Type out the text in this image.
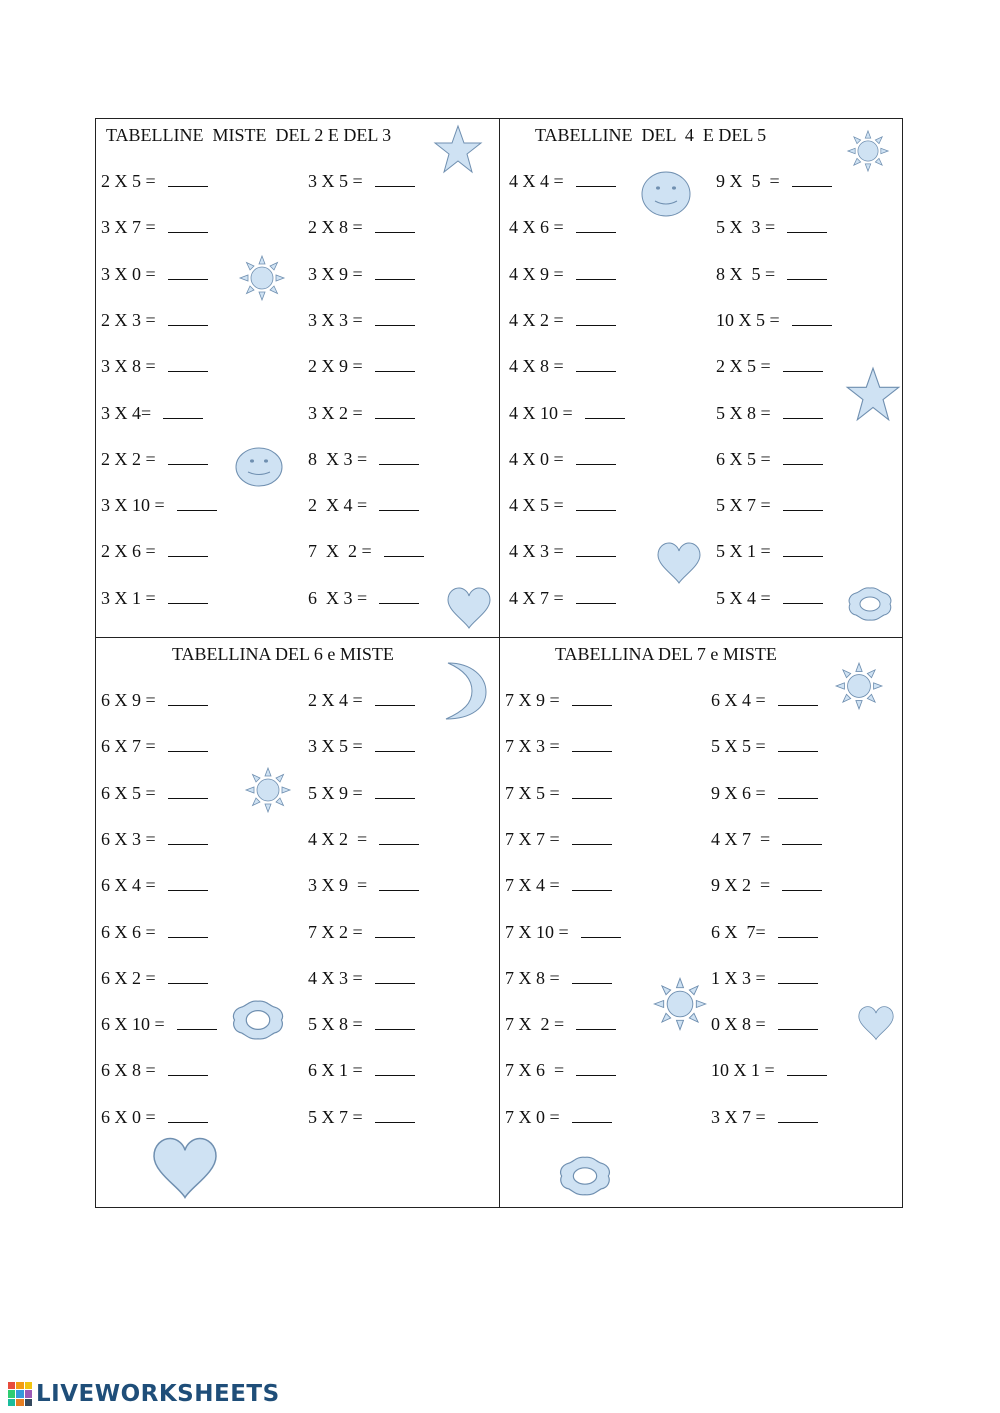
TABELLINE  MISTE  DEL 2 E DEL 3	TABELLINE  DEL  4  E DEL 5
TABELLINA DEL 6 e MISTE	TABELLINA DEL 7 e MISTE
2 X 5 =
3 X 7 =
3 X 0 =
2 X 3 =
3 X 8 =
3 X 4=
2 X 2 =
3 X 10 =
2 X 6 =
3 X 1 =
3 X 5 =
2 X 8 =
3 X 9 =
3 X 3 =
2 X 9 =
3 X 2 =
8  X 3 =
2  X 4 =
7  X  2 =
6  X 3 =
4 X 4 =
4 X 6 =
4 X 9 =
4 X 2 =
4 X 8 =
4 X 10 =
4 X 0 =
4 X 5 =
4 X 3 =
4 X 7 =
9 X  5  =
5 X  3 =
8 X  5 =
10 X 5 =
2 X 5 =
5 X 8 =
6 X 5 =
5 X 7 =
5 X 1 =
5 X 4 =
6 X 9 =
6 X 7 =
6 X 5 =
6 X 3 =
6 X 4 =
6 X 6 =
6 X 2 =
6 X 10 =
6 X 8 =
6 X 0 =
2 X 4 =
3 X 5 =
5 X 9 =
4 X 2  =
3 X 9  =
7 X 2 =
4 X 3 =
5 X 8 =
6 X 1 =
5 X 7 =
7 X 9 =
7 X 3 =
7 X 5 =
7 X 7 =
7 X 4 =
7 X 10 =
7 X 8 =
7 X  2 =
7 X 6  =
7 X 0 =
6 X 4 =
5 X 5 =
9 X 6 =
4 X 7  =
9 X 2  =
6 X  7=
1 X 3 =
0 X 8 =
10 X 1 =
3 X 7 =
LIVEWORKSHEETS
